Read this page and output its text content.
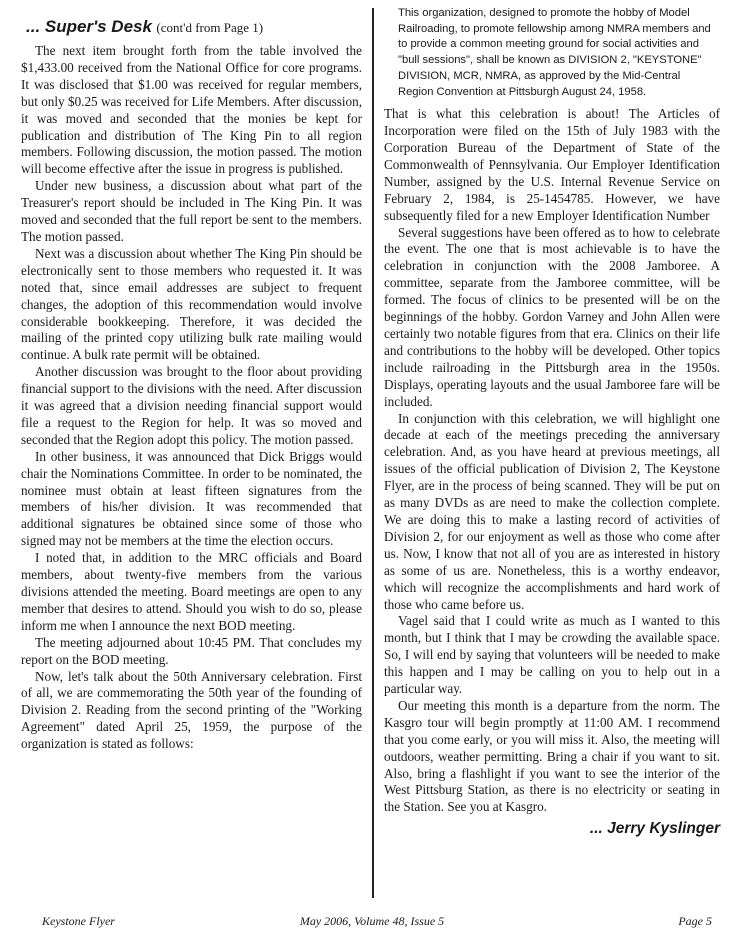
... Super's Desk (cont'd from Page 1)

The next item brought forth from the table involved the $1,433.00 received from the National Office for core programs. It was disclosed that $1.00 was received for regular members, but only $0.25 was received for Life Members. After discussion, it was moved and seconded that the monies be kept for publication and distribution of The King Pin to all region members. Following discussion, the motion passed. The motion will become effective after the issue in progress is published.

Under new business, a discussion about what part of the Treasurer's report should be included in The King Pin. It was moved and seconded that the full report be sent to the members. The motion passed.

Next was a discussion about whether The King Pin should be electronically sent to those members who requested it. It was noted that, since email addresses are subject to frequent changes, the adoption of this recommendation would involve considerable bookkeeping. Therefore, it was decided the mailing of the printed copy utilizing bulk rate mailing would continue. A bulk rate permit will be obtained.

Another discussion was brought to the floor about providing financial support to the divisions with the need. After discussion it was agreed that a division needing financial support would file a request to the Region for help. It was so moved and seconded that the Region adopt this policy. The motion passed.

In other business, it was announced that Dick Briggs would chair the Nominations Committee. In order to be nominated, the nominee must obtain at least fifteen signatures from the members of his/her division. It was recommended that additional signatures be obtained since some of those who signed may not be members at the time the election occurs.

I noted that, in addition to the MRC officials and Board members, about twenty-five members from the various divisions attended the meeting. Board meetings are open to any member that desires to attend. Should you wish to do so, please inform me when I announce the next BOD meeting.

The meeting adjourned about 10:45 PM. That concludes my report on the BOD meeting.

Now, let's talk about the 50th Anniversary celebration. First of all, we are commemorating the 50th year of the founding of Division 2. Reading from the second printing of the "Working Agreement" dated April 25, 1959, the purpose of the organization is stated as follows:

This organization, designed to promote the hobby of Model Railroading, to promote fellowship among NMRA members and to provide a common meeting ground for social activities and "bull sessions", shall be known as DIVISION 2, "KEYSTONE" DIVISION, MCR, NMRA, as approved by the Mid-Central Region Convention at Pittsburgh August 24, 1958.

That is what this celebration is about! The Articles of Incorporation were filed on the 15th of July 1983 with the Corporation Bureau of the Department of State of the Commonwealth of Pennsylvania. Our Employer Identification Number, assigned by the U.S. Internal Revenue Service on February 2, 1984, is 25-1454785. However, we have subsequently filed for a new Employer Identification Number

Several suggestions have been offered as to how to celebrate the event. The one that is most achievable is to have the celebration in conjunction with the 2008 Jamboree. A committee, separate from the Jamboree committee, will be formed. The focus of clinics to be presented will be on the beginnings of the hobby. Gordon Varney and John Allen were certainly two notable figures from that era. Clinics on their life and contributions to the hobby will be developed. Other topics include railroading in the Pittsburgh area in the 1950s. Displays, operating layouts and the usual Jamboree fare will be included.

In conjunction with this celebration, we will highlight one decade at each of the meetings preceding the anniversary celebration. And, as you have heard at previous meetings, all issues of the official publication of Division 2, The Keystone Flyer, are in the process of being scanned. They will be put on as many DVDs as are need to make the collection complete. We are doing this to make a lasting record of activities of Division 2, for our enjoyment as well as those who come after us. Now, I know that not all of you are as interested in history as some of us are. Nonetheless, this is a worthy endeavor, which will recognize the accomplishments and hard work of those who came before us.

Vagel said that I could write as much as I wanted to this month, but I think that I may be crowding the available space. So, I will end by saying that volunteers will be needed to make this happen and I may be calling on you to help out in a particular way.

Our meeting this month is a departure from the norm. The Kasgro tour will begin promptly at 11:00 AM. I recommend that you come early, or you will miss it. Also, the meeting will outdoors, weather permitting. Bring a chair if you want to sit. Also, bring a flashlight if you want to see the interior of the West Pittsburg Station, as there is no electricity or seating in the Station. See you at Kasgro.

... Jerry Kyslinger
May 2006, Volume 48, Issue 5
Keystone Flyer	Page 5
